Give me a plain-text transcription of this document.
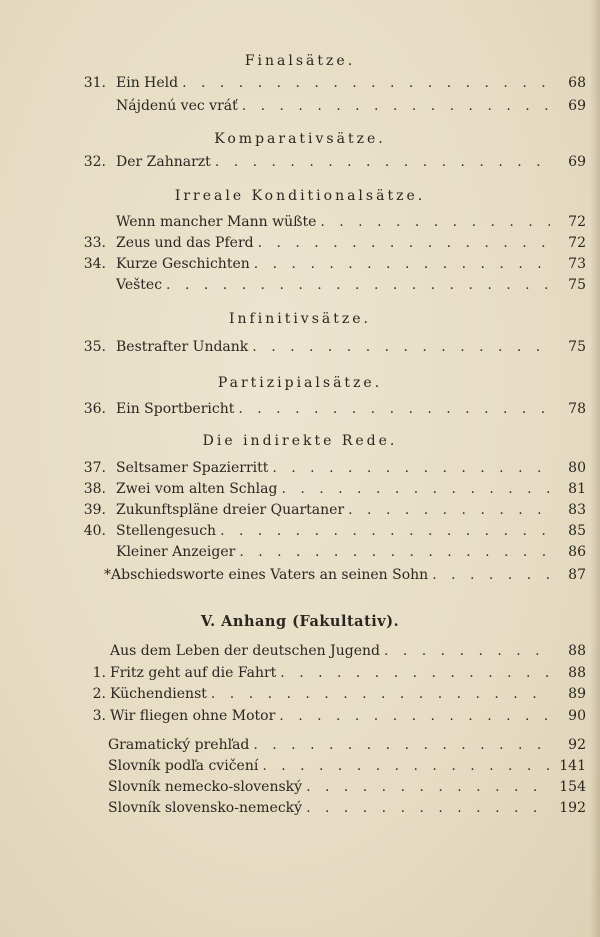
Finalsätze.
31. Ein Held . . .	68
Nájdenú vec vráť . . .	69
Komparativsätze.
32. Der Zahnarzt . . .	69
Irreale Konditionalsätze.
Wenn mancher Mann wüßte . . .	72
33. Zeus und das Pferd . . .	72
34. Kurze Geschichten . . .	73
Veštec . . .	75
Infinitivsätze.
35. Bestrafter Undank . . .	75
Partizipialsätze.
36. Ein Sportbericht . . .	78
Die indirekte Rede.
37. Seltsamer Spazierritt . . .	80
38. Zwei vom alten Schlag . . .	81
39. Zukunftspläne dreier Quartaner . . .	83
40. Stellengesuch . . .	85
Kleiner Anzeiger . . .	86
*Abschiedsworte eines Vaters an seinen Sohn . . .	87
V. Anhang (Fakultativ).
Aus dem Leben der deutschen Jugend . . .	88
1. Fritz geht auf die Fahrt . . .	88
2. Küchendienst . . .	89
3. Wir fliegen ohne Motor . . .	90
Gramatický prehľad . . .	92
Slovník podľa cvičení . . .	141
Slovník nemecko-slovenský . . .	154
Slovník slovensko-nemecký . . .	192
